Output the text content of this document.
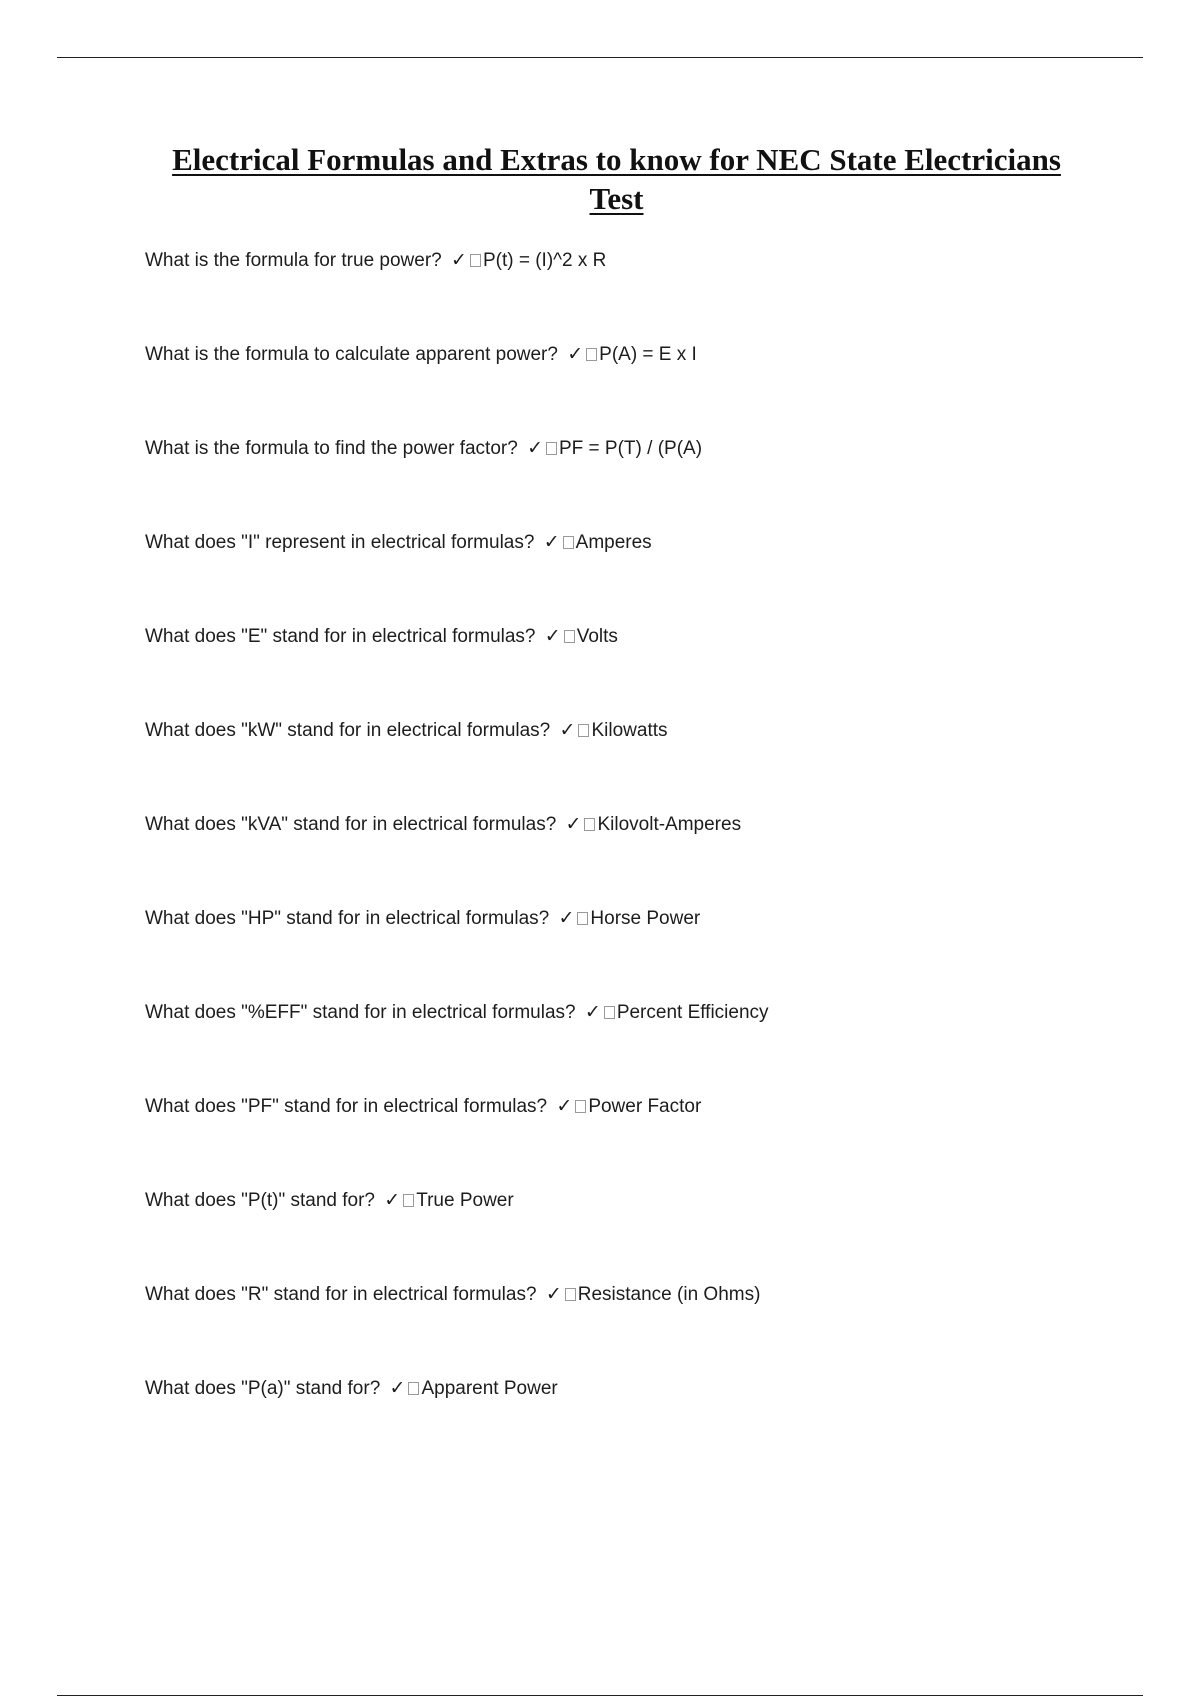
Electrical Formulas and Extras to know for NEC State Electricians
Test
What is the formula for true power? ✓ P(t) = (I)^2 x R
What is the formula to calculate apparent power? ✓ P(A) = E x I
What is the formula to find the power factor? ✓ PF = P(T) / (P(A)
What does "I" represent in electrical formulas? ✓ Amperes
What does "E" stand for in electrical formulas? ✓ Volts
What does "kW" stand for in electrical formulas? ✓ Kilowatts
What does "kVA" stand for in electrical formulas? ✓ Kilovolt-Amperes
What does "HP" stand for in electrical formulas? ✓ Horse Power
What does "%EFF" stand for in electrical formulas? ✓ Percent Efficiency
What does "PF" stand for in electrical formulas? ✓ Power Factor
What does "P(t)" stand for? ✓ True Power
What does "R" stand for in electrical formulas? ✓ Resistance (in Ohms)
What does "P(a)" stand for? ✓ Apparent Power
